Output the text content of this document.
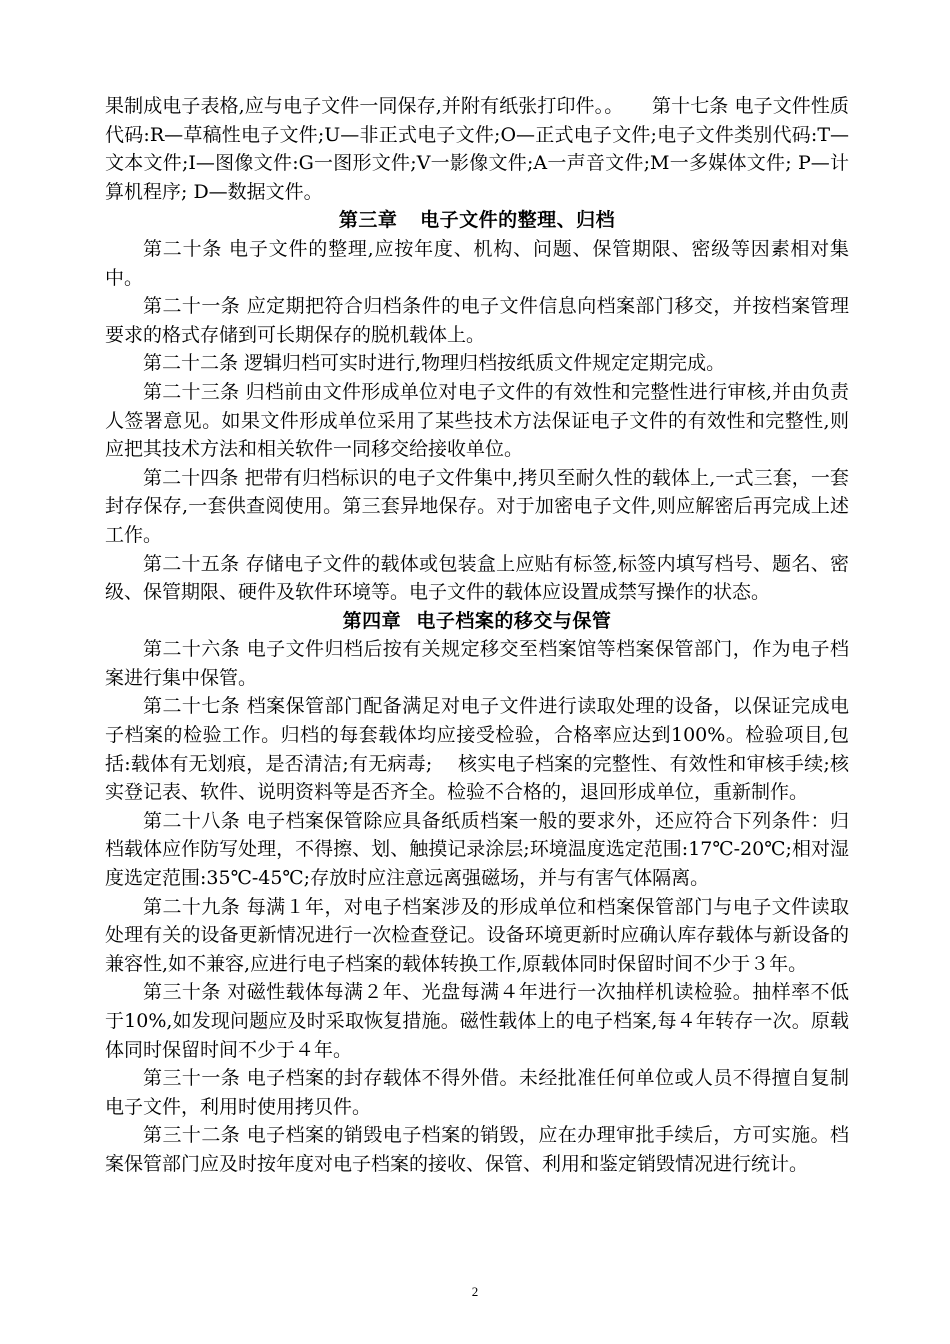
果制成电子表格,应与电子文件一同保存,并附有纸张打印件。。　　第十七条 电子文件性质代码:R—草稿性电子文件;U—非正式电子文件;O—正式电子文件;电子文件类别代码:T—文本文件;I—图像文件:G一图形文件;V一影像文件;A一声音文件;M一多媒体文件; P—计算机程序; D—数据文件。

第三章 电子文件的整理、归档

第二十条 电子文件的整理,应按年度、机构、问题、保管期限、密级等因素相对集中。

第二十一条 应定期把符合归档条件的电子文件信息向档案部门移交，并按档案管理要求的格式存储到可长期保存的脱机载体上。

第二十二条 逻辑归档可实时进行,物理归档按纸质文件规定定期完成。

第二十三条 归档前由文件形成单位对电子文件的有效性和完整性进行审核,并由负责人签署意见。如果文件形成单位采用了某些技术方法保证电子文件的有效性和完整性,则应把其技术方法和相关软件一同移交给接收单位。

第二十四条 把带有归档标识的电子文件集中,拷贝至耐久性的载体上,一式三套，一套封存保存,一套供查阅使用。第三套异地保存。对于加密电子文件,则应解密后再完成上述工作。

第二十五条 存储电子文件的载体或包装盒上应贴有标签,标签内填写档号、题名、密级、保管期限、硬件及软件环境等。电子文件的载体应设置成禁写操作的状态。

第四章 电子档案的移交与保管

第二十六条 电子文件归档后按有关规定移交至档案馆等档案保管部门，作为电子档案进行集中保管。

第二十七条 档案保管部门配备满足对电子文件进行读取处理的设备，以保证完成电子档案的检验工作。归档的每套载体均应接受检验，合格率应达到100%。检验项目,包括:载体有无划痕，是否清洁;有无病毒;　 核实电子档案的完整性、有效性和审核手续;核实登记表、软件、说明资料等是否齐全。检验不合格的，退回形成单位，重新制作。

第二十八条 电子档案保管除应具备纸质档案一般的要求外，还应符合下列条件：归档载体应作防写处理，不得擦、划、触摸记录涂层;环境温度选定范围:17℃-20℃;相对湿度选定范围:35℃-45℃;存放时应注意远离强磁场，并与有害气体隔离。

第二十九条 每满１年，对电子档案涉及的形成单位和档案保管部门与电子文件读取处理有关的设备更新情况进行一次检查登记。设备环境更新时应确认库存载体与新设备的兼容性,如不兼容,应进行电子档案的载体转换工作,原载体同时保留时间不少于３年。

第三十条 对磁性载体每满２年、光盘每满４年进行一次抽样机读检验。抽样率不低于10%,如发现问题应及时采取恢复措施。磁性载体上的电子档案,每４年转存一次。原载体同时保留时间不少于４年。

第三十一条 电子档案的封存载体不得外借。未经批准任何单位或人员不得擅自复制电子文件，利用时使用拷贝件。

第三十二条 电子档案的销毁电子档案的销毁，应在办理审批手续后，方可实施。档案保管部门应及时按年度对电子档案的接收、保管、利用和鉴定销毁情况进行统计。

2
